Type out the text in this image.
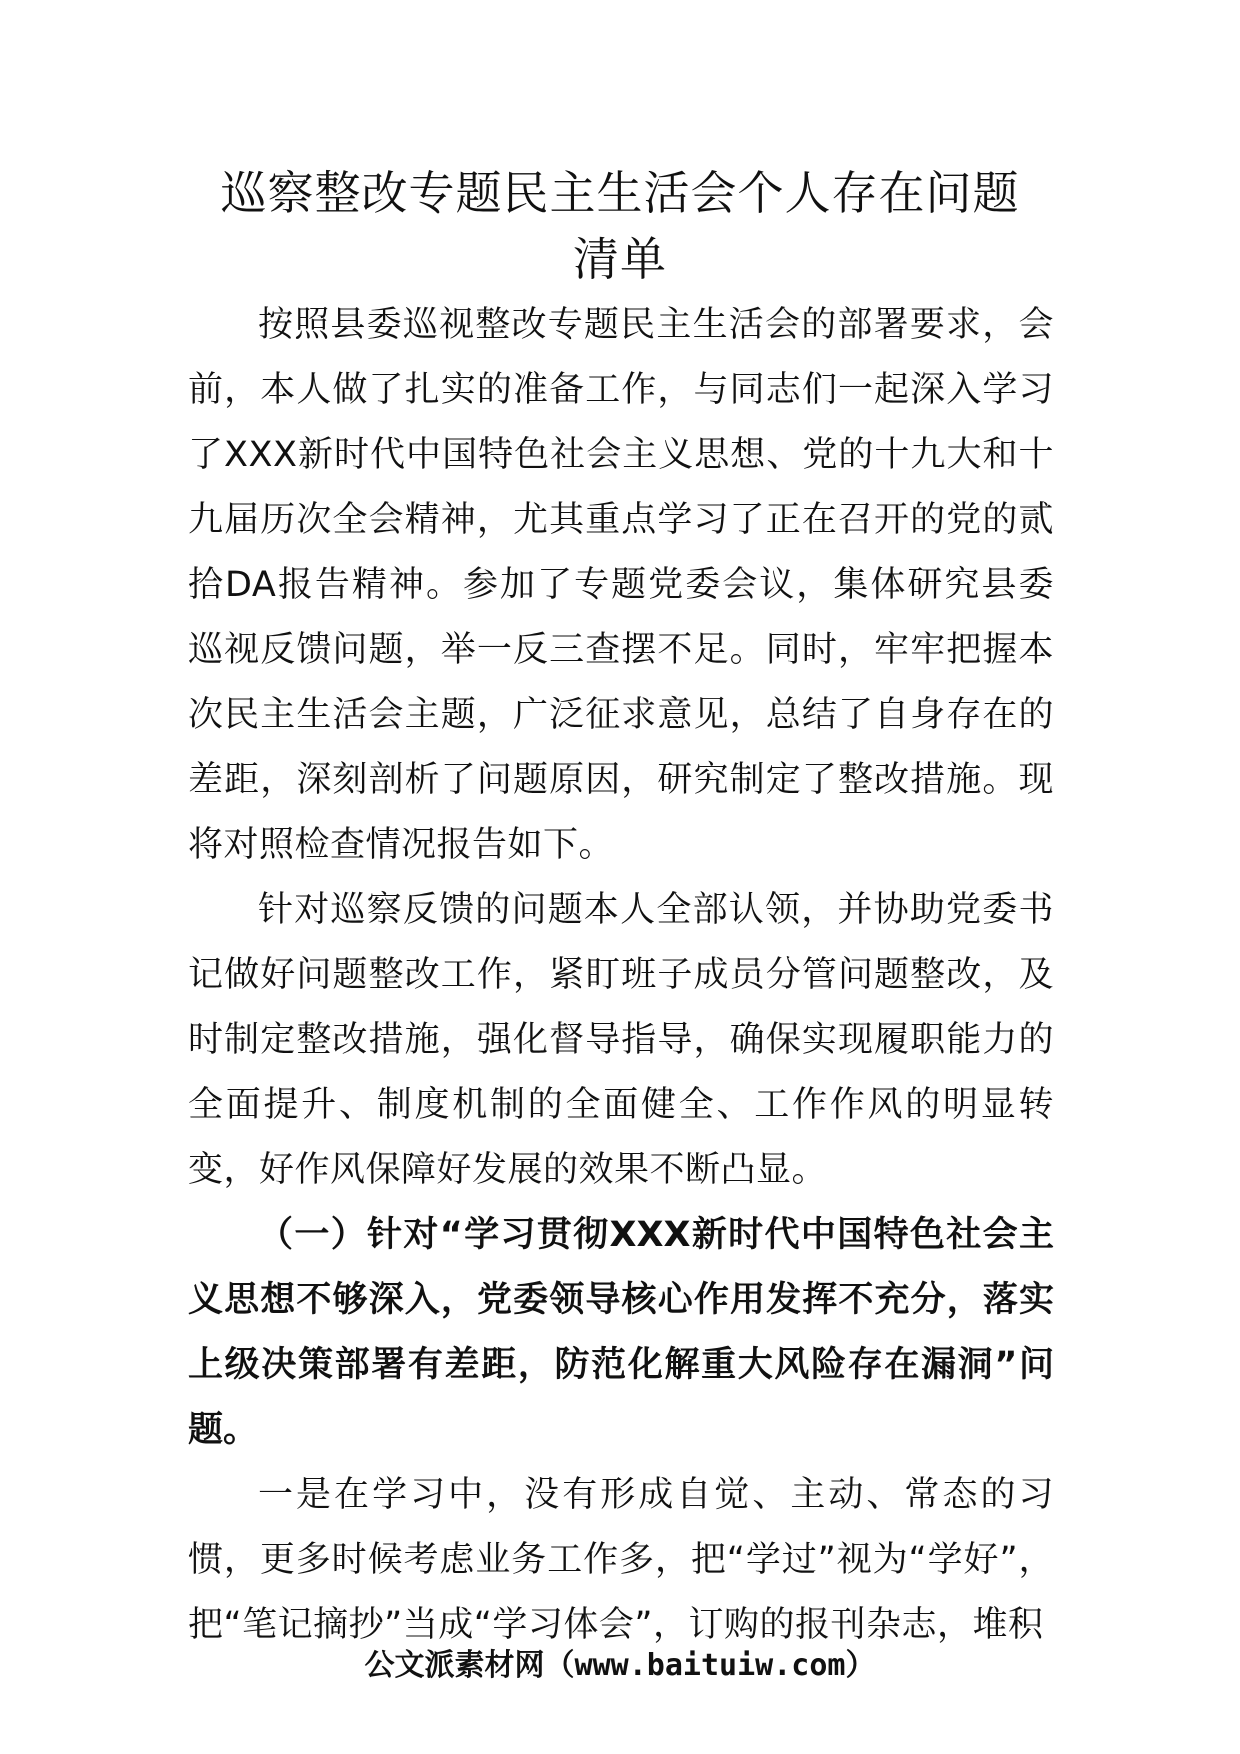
巡察整改专题民主生活会个人存在问题
清单

按照县委巡视整改专题民主生活会的部署要求，会前，本人做了扎实的准备工作，与同志们一起深入学习了XXX新时代中国特色社会主义思想、党的十九大和十九届历次全会精神，尤其重点学习了正在召开的党的贰拾DA报告精神。参加了专题党委会议，集体研究县委巡视反馈问题，举一反三查摆不足。同时，牢牢把握本次民主生活会主题，广泛征求意见，总结了自身存在的差距，深刻剖析了问题原因，研究制定了整改措施。现将对照检查情况报告如下。

针对巡察反馈的问题本人全部认领，并协助党委书记做好问题整改工作，紧盯班子成员分管问题整改，及时制定整改措施，强化督导指导，确保实现履职能力的全面提升、制度机制的全面健全、工作作风的明显转变，好作风保障好发展的效果不断凸显。

（一）针对“学习贯彻XXX新时代中国特色社会主义思想不够深入，党委领导核心作用发挥不充分，落实上级决策部署有差距，防范化解重大风险存在漏洞”问题。

一是在学习中，没有形成自觉、主动、常态的习惯，更多时候考虑业务工作多，把“学过”视为“学好”，把“笔记摘抄”当成“学习体会”，订购的报刊杂志，堆积

公文派素材网（www.baituiw.com）
